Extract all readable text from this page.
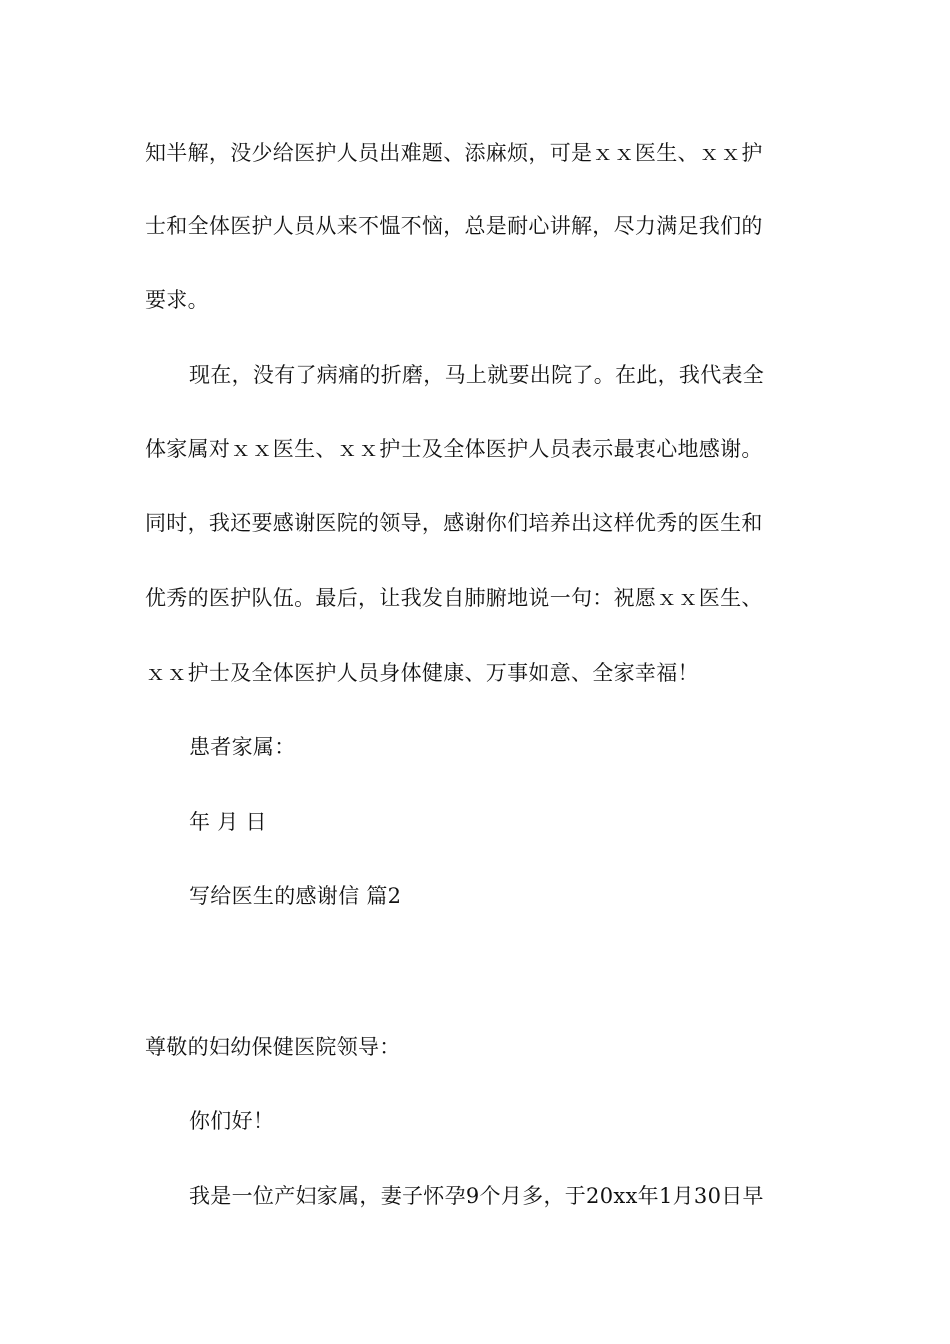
知半解，没少给医护人员出难题、添麻烦，可是ｘｘ医生、ｘｘ护
士和全体医护人员从来不愠不恼，总是耐心讲解，尽力满足我们的
要求。
现在，没有了病痛的折磨，马上就要出院了。在此，我代表全
体家属对ｘｘ医生、ｘｘ护士及全体医护人员表示最衷心地感谢。
同时，我还要感谢医院的领导，感谢你们培养出这样优秀的医生和
优秀的医护队伍。最后，让我发自肺腑地说一句：祝愿ｘｘ医生、
ｘｘ护士及全体医护人员身体健康、万事如意、全家幸福！
患者家属：
年 月 日
写给医生的感谢信 篇2
尊敬的妇幼保健医院领导：
你们好！
我是一位产妇家属，妻子怀孕9个月多，于20xx年1月30日早
